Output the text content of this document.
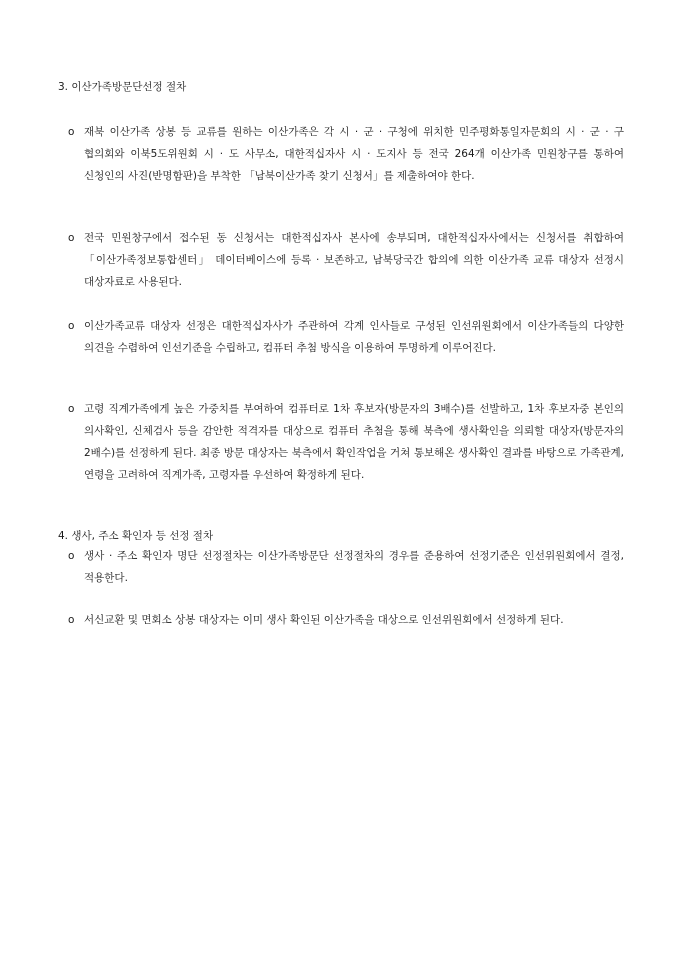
3. 이산가족방문단선정 절차
o 재북 이산가족 상봉 등 교류를 원하는 이산가족은 각 시 · 군 · 구청에 위치한 민주평화통일자문회의 시 · 군 · 구 협의회와 이북5도위원회 시 · 도 사무소, 대한적십자사 시 · 도지사 등 전국 264개 이산가족 민원창구를 통하여 신청인의 사진(반명함판)을 부착한 「남북이산가족 찾기 신청서」를 제출하여야 한다.

o 전국 민원창구에서 접수된 동 신청서는 대한적십자사 본사에 송부되며, 대한적십자사에서는 신청서를 취합하여 「이산가족정보통합센터」 데이터베이스에 등록 · 보존하고, 남북당국간 합의에 의한 이산가족 교류 대상자 선정시 대상자료로 사용된다.

o 이산가족교류 대상자 선정은 대한적십자사가 주관하여 각계 인사들로 구성된 인선위원회에서 이산가족들의 다양한 의견을 수렴하여 인선기준을 수립하고, 컴퓨터 추첨 방식을 이용하여 투명하게 이루어진다.

o 고령 직계가족에게 높은 가중치를 부여하여 컴퓨터로 1차 후보자(방문자의 3배수)를 선발하고, 1차 후보자중 본인의 의사확인, 신체검사 등을 감안한 적격자를 대상으로 컴퓨터 추첨을 통해 북측에 생사확인을 의뢰할 대상자(방문자의 2배수)를 선정하게 된다. 최종 방문 대상자는 북측에서 확인작업을 거쳐 통보해온 생사확인 결과를 바탕으로 가족관계, 연령을 고려하여 직계가족, 고령자를 우선하여 확정하게 된다.

4. 생사, 주소 확인자 등 선정 절차
o 생사 · 주소 확인자 명단 선정절차는 이산가족방문단 선정절차의 경우를 준용하여 선정기준은 인선위원회에서 결정, 적용한다.

o 서신교환 및 면회소 상봉 대상자는 이미 생사 확인된 이산가족을 대상으로 인선위원회에서 선정하게 된다.
